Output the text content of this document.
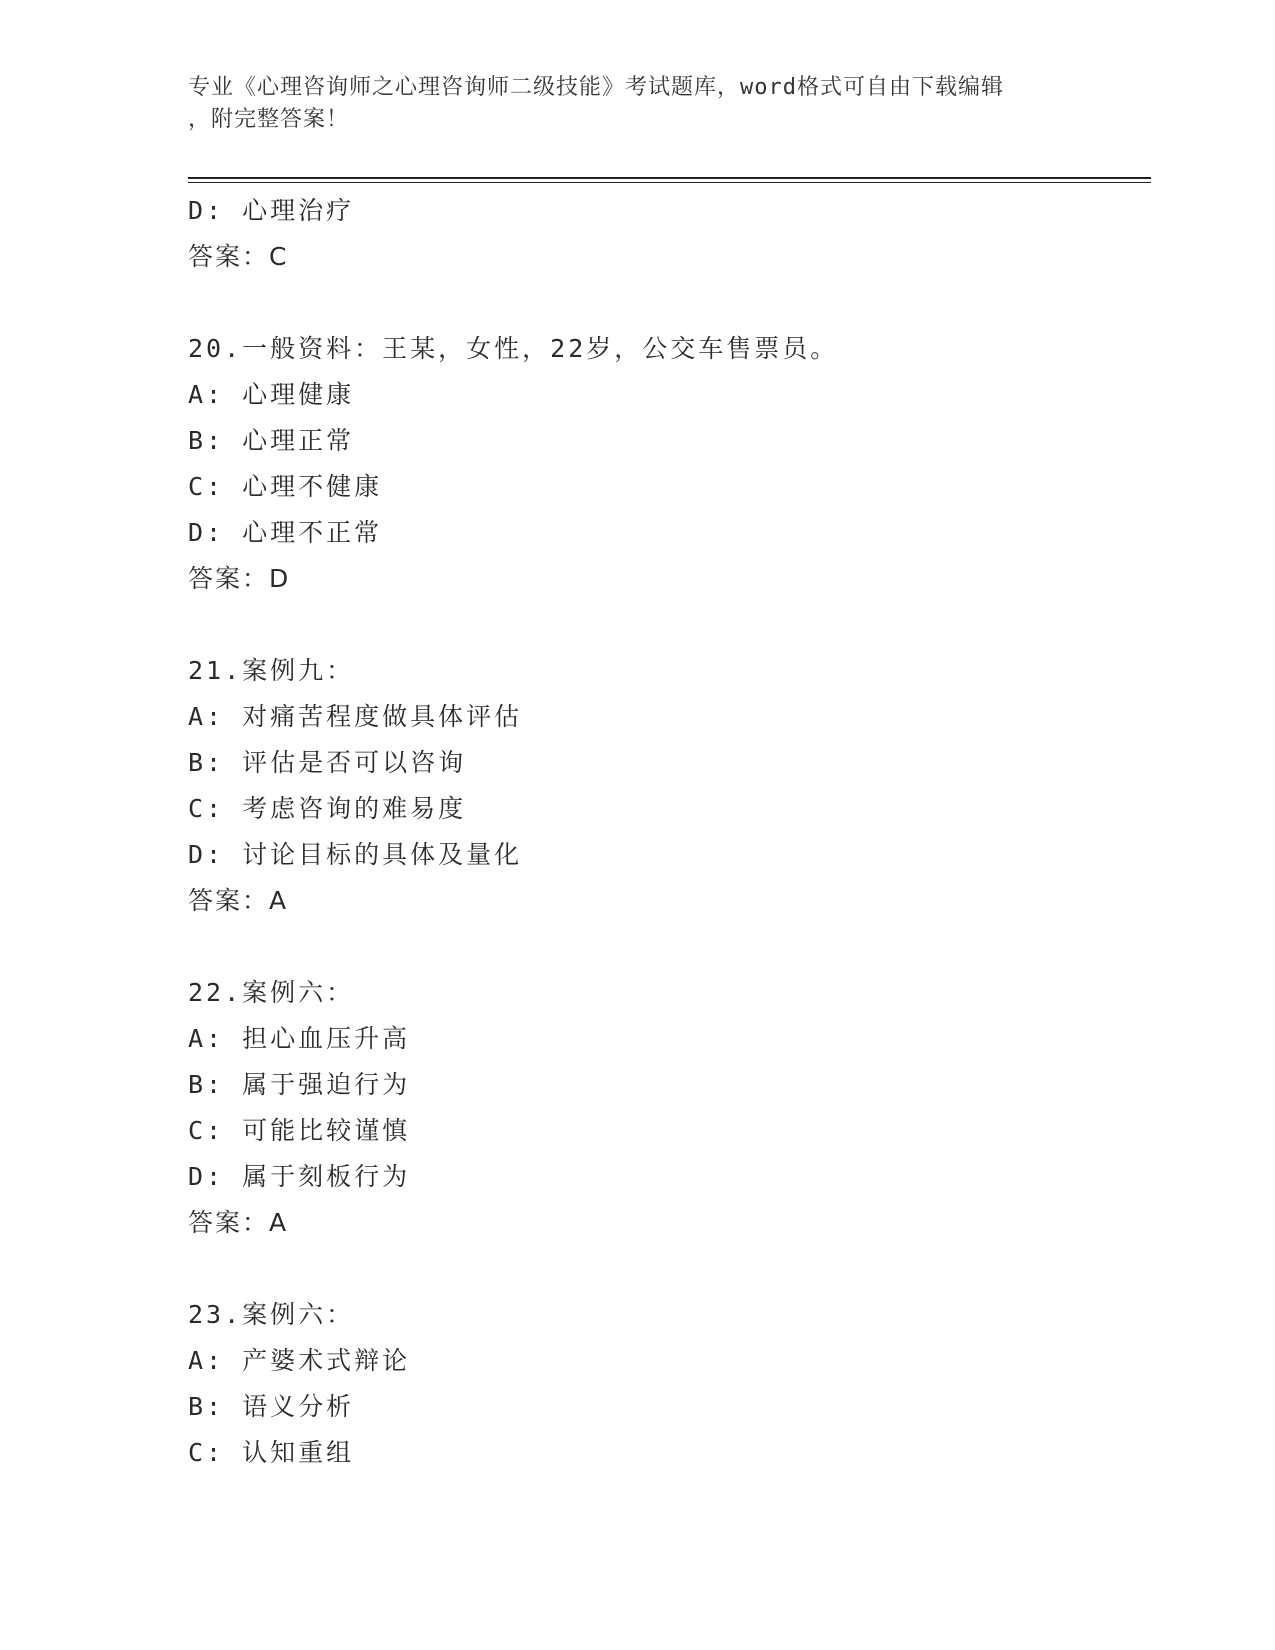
专业《心理咨询师之心理咨询师二级技能》考试题库，word格式可自由下载编辑
，附完整答案！
D: 心理治疗
答案：C
20.一般资料：王某，女性，22岁，公交车售票员。
A: 心理健康
B: 心理正常
C: 心理不健康
D: 心理不正常
答案：D
21.案例九：
A: 对痛苦程度做具体评估
B: 评估是否可以咨询
C: 考虑咨询的难易度
D: 讨论目标的具体及量化
答案：A
22.案例六：
A: 担心血压升高
B: 属于强迫行为
C: 可能比较谨慎
D: 属于刻板行为
答案：A
23.案例六：
A: 产婆术式辩论
B: 语义分析
C: 认知重组
